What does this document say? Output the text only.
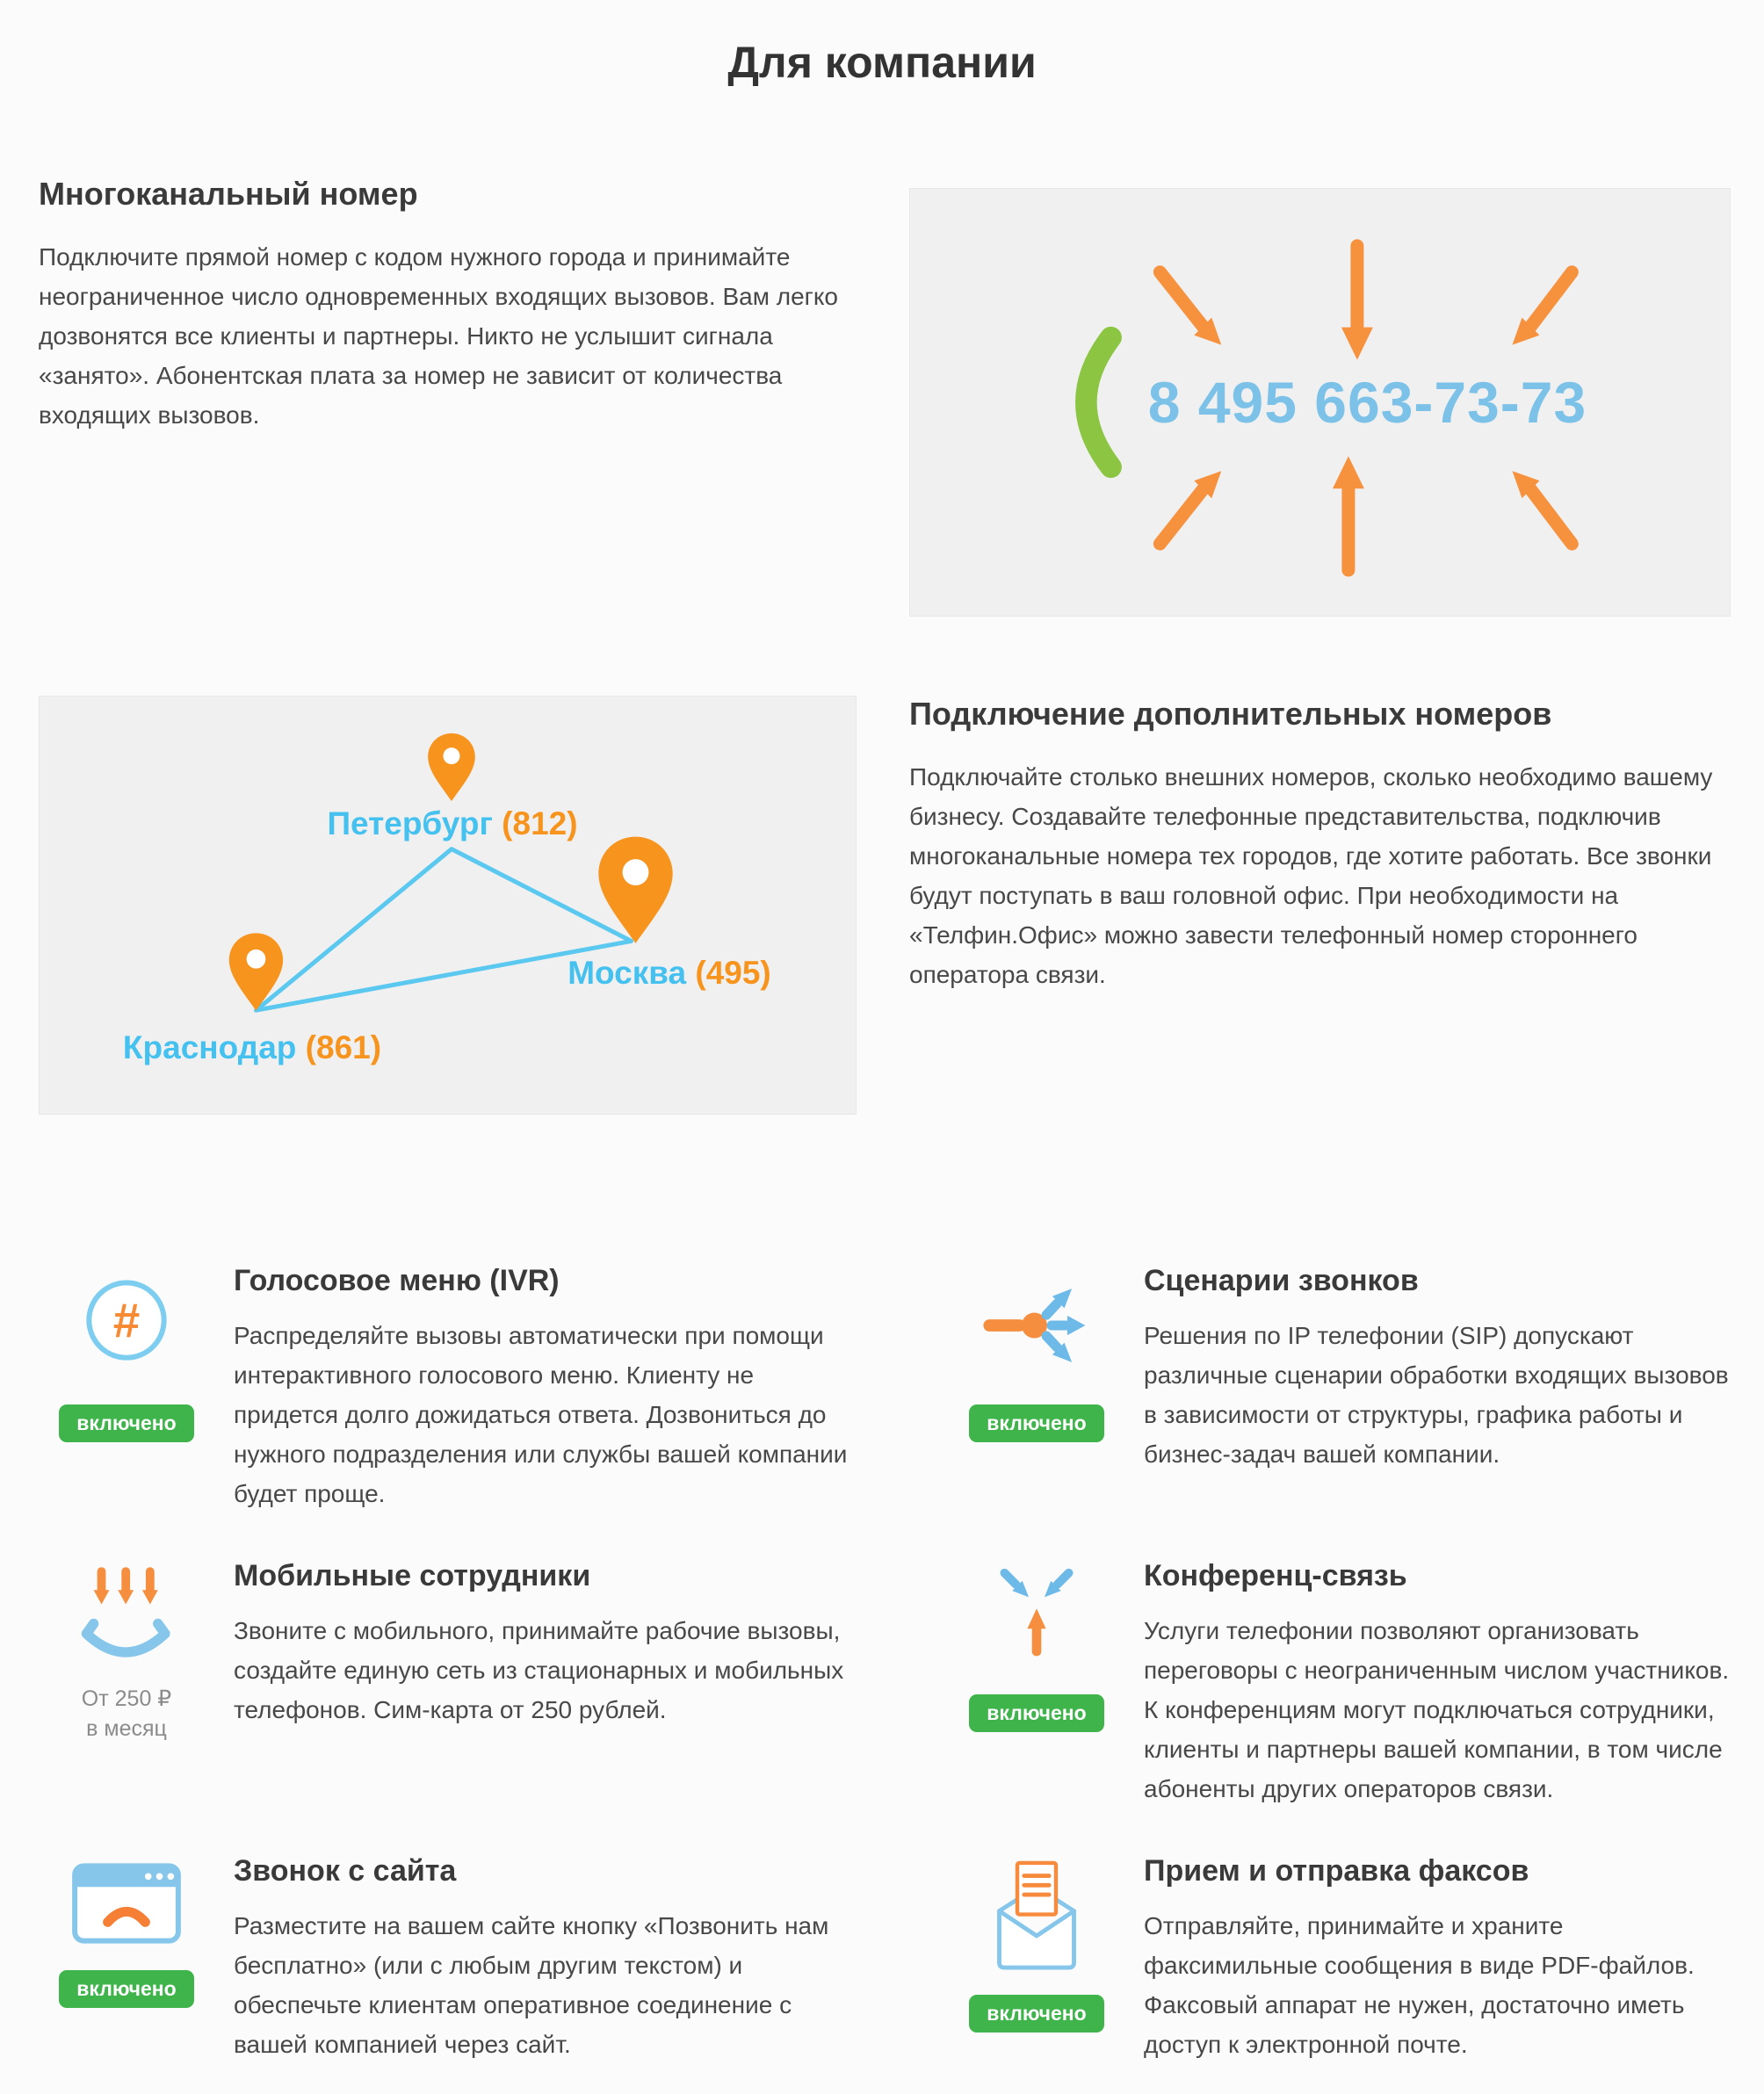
Для компании
Многоканальный номер

Подключите прямой номер с кодом нужного города и принимайте неограниченное число одновременных входящих вызовов. Вам легко дозвонятся все клиенты и партнеры. Никто не услышит сигнала «занято». Абонентская плата за номер не зависит от количества входящих вызовов.	8 495 663-73-73
Петербург (812)
Москва (495)
Краснодар (861)
Подключение дополнительных номеров

Подключайте столько внешних номеров, сколько необходимо вашему бизнесу. Создавайте телефонные представительства, подключив многоканальные номера тех городов, где хотите работать. Все звонки будут поступать в ваш головной офис. При необходимости на «Телфин.Офис» можно завести телефонный номер стороннего оператора связи.

#
включено
Голосовое меню (IVR)

Распределяйте вызовы автоматически при помощи интерактивного голосового меню. Клиенту не придется долго дожидаться ответа. Дозвониться до нужного подразделения или службы вашей компании будет проще.

включено
Сценарии звонков

Решения по IP телефонии (SIP) допускают различные сценарии обработки входящих вызовов в зависимости от структуры, графика работы и бизнес-задач вашей компании.

От 250 ₽
в месяц
Мобильные сотрудники

Звоните с мобильного, принимайте рабочие вызовы, создайте единую сеть из стационарных и мобильных телефонов. Сим-карта от 250 рублей.	включено
Конференц-связь

Услуги телефонии позволяют организовать переговоры с неограниченным числом участников. К конференциям могут подключаться сотрудники, клиенты и партнеры вашей компании, в том числе абоненты других операторов связи.

включено
Звонок с сайта

Разместите на вашем сайте кнопку «Позвонить нам бесплатно» (или с любым другим текстом) и обеспечьте клиентам оперативное соединение с вашей компанией через сайт.

включено
Прием и отправка факсов

Отправляйте, принимайте и храните факсимильные сообщения в виде PDF-файлов. Факсовый аппарат не нужен, достаточно иметь доступ к электронной почте.
